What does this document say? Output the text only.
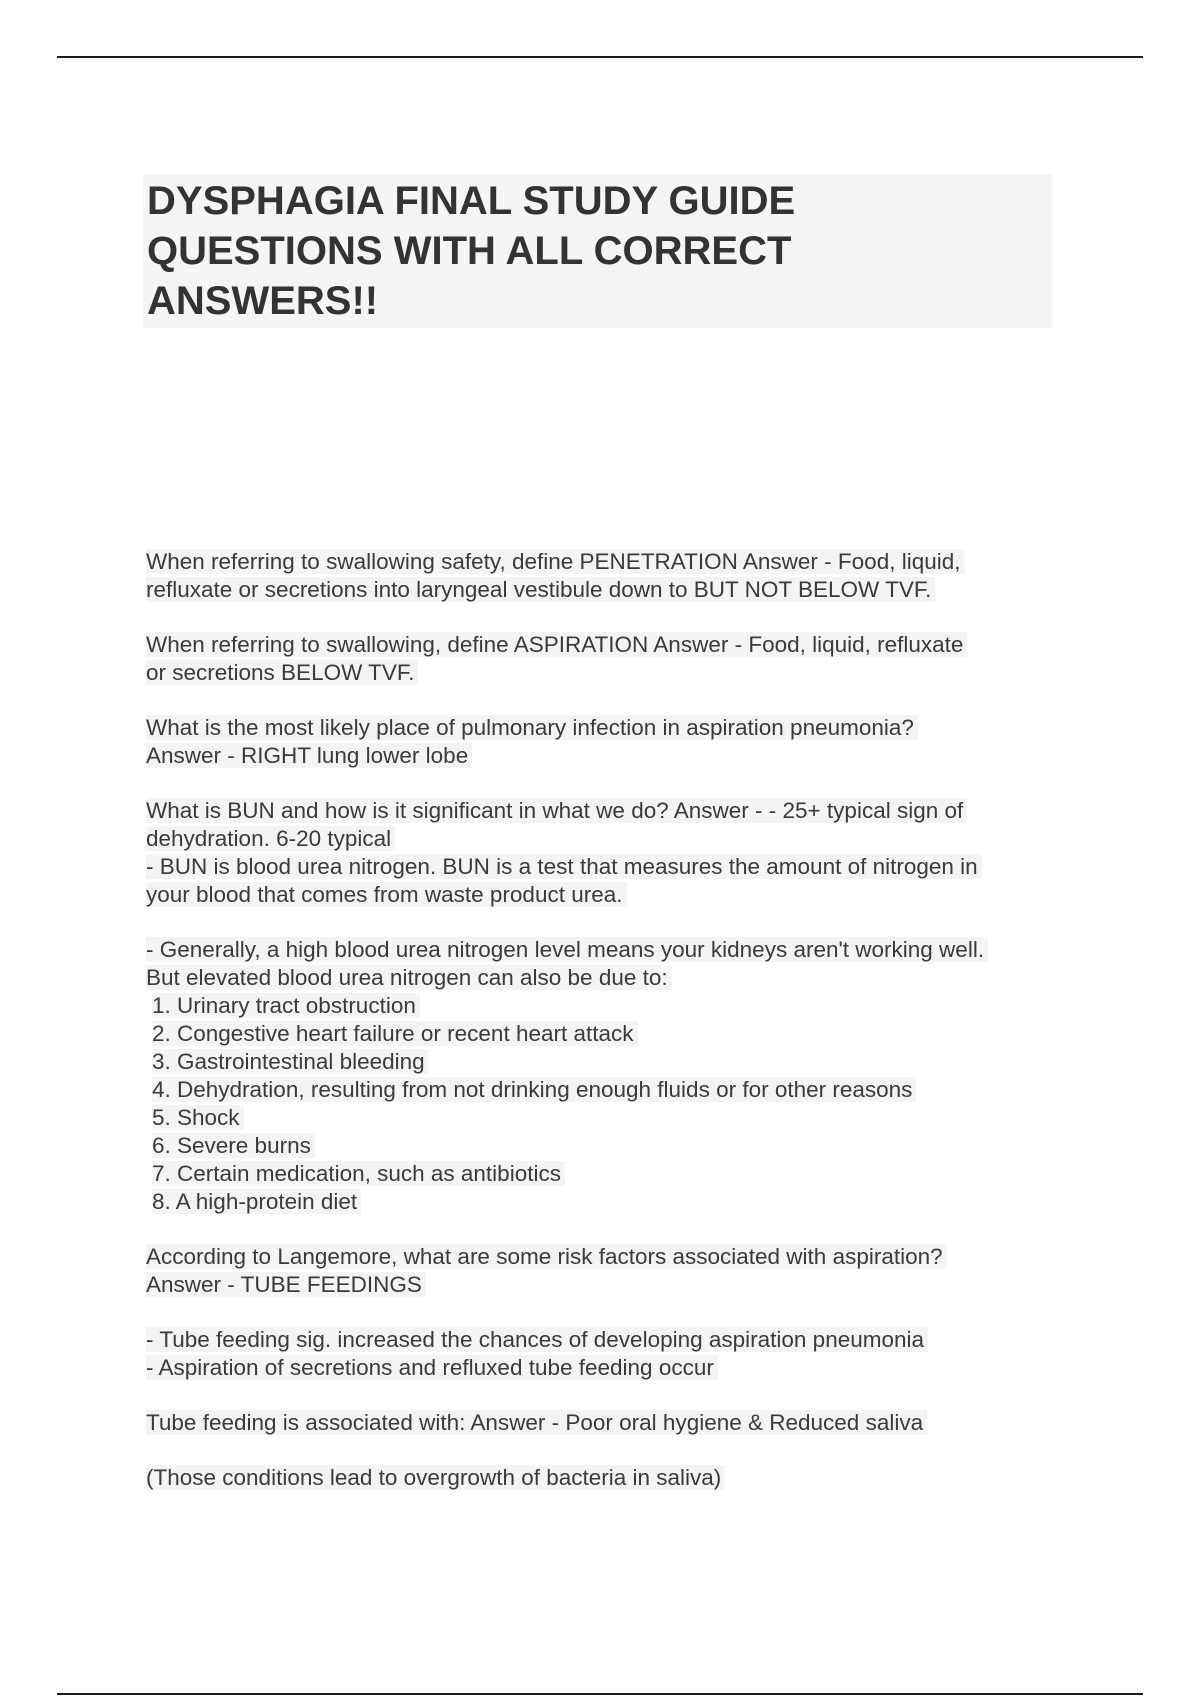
DYSPHAGIA FINAL STUDY GUIDE
QUESTIONS WITH ALL CORRECT
ANSWERS!!
When referring to swallowing safety, define PENETRATION Answer - Food, liquid,
refluxate or secretions into laryngeal vestibule down to BUT NOT BELOW TVF.
When referring to swallowing, define ASPIRATION Answer - Food, liquid, refluxate
or secretions BELOW TVF.
What is the most likely place of pulmonary infection in aspiration pneumonia?
Answer - RIGHT lung lower lobe
What is BUN and how is it significant in what we do? Answer - - 25+ typical sign of
dehydration. 6-20 typical
- BUN is blood urea nitrogen. BUN is a test that measures the amount of nitrogen in
your blood that comes from waste product urea.
- Generally, a high blood urea nitrogen level means your kidneys aren't working well.
But elevated blood urea nitrogen can also be due to:
1. Urinary tract obstruction
2. Congestive heart failure or recent heart attack
3. Gastrointestinal bleeding
4. Dehydration, resulting from not drinking enough fluids or for other reasons
5. Shock
6. Severe burns
7. Certain medication, such as antibiotics
8. A high-protein diet
According to Langemore, what are some risk factors associated with aspiration?
Answer - TUBE FEEDINGS
- Tube feeding sig. increased the chances of developing aspiration pneumonia
- Aspiration of secretions and refluxed tube feeding occur
Tube feeding is associated with: Answer - Poor oral hygiene & Reduced saliva
(Those conditions lead to overgrowth of bacteria in saliva)
